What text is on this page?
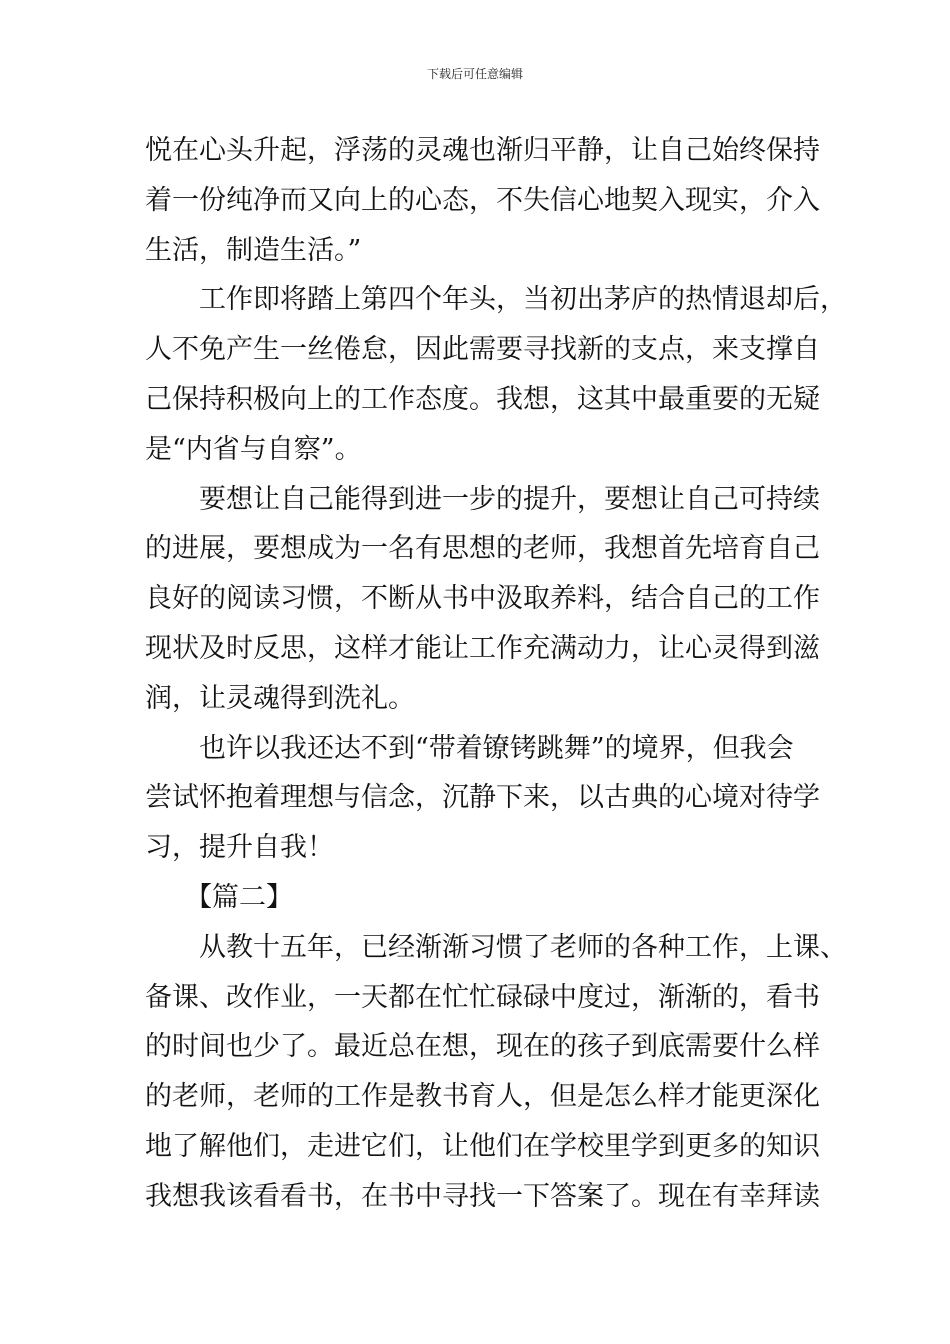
下载后可任意编辑
悦在心头升起，浮荡的灵魂也渐归平静，让自己始终保持
着一份纯净而又向上的心态，不失信心地契入现实，介入
生活，制造生活。”
工作即将踏上第四个年头，当初出茅庐的热情退却后，
人不免产生一丝倦怠，因此需要寻找新的支点，来支撑自
己保持积极向上的工作态度。我想，这其中最重要的无疑
是“内省与自察”。
要想让自己能得到进一步的提升，要想让自己可持续
的进展，要想成为一名有思想的老师，我想首先培育自己
良好的阅读习惯，不断从书中汲取养料，结合自己的工作
现状及时反思，这样才能让工作充满动力，让心灵得到滋
润，让灵魂得到洗礼。
也许以我还达不到“带着镣铐跳舞”的境界，但我会
尝试怀抱着理想与信念，沉静下来，以古典的心境对待学
习，提升自我！
【篇二】
从教十五年，已经渐渐习惯了老师的各种工作，上课、
备课、改作业，一天都在忙忙碌碌中度过，渐渐的，看书
的时间也少了。最近总在想，现在的孩子到底需要什么样
的老师，老师的工作是教书育人，但是怎么样才能更深化
地了解他们，走进它们，让他们在学校里学到更多的知识
我想我该看看书，在书中寻找一下答案了。现在有幸拜读
